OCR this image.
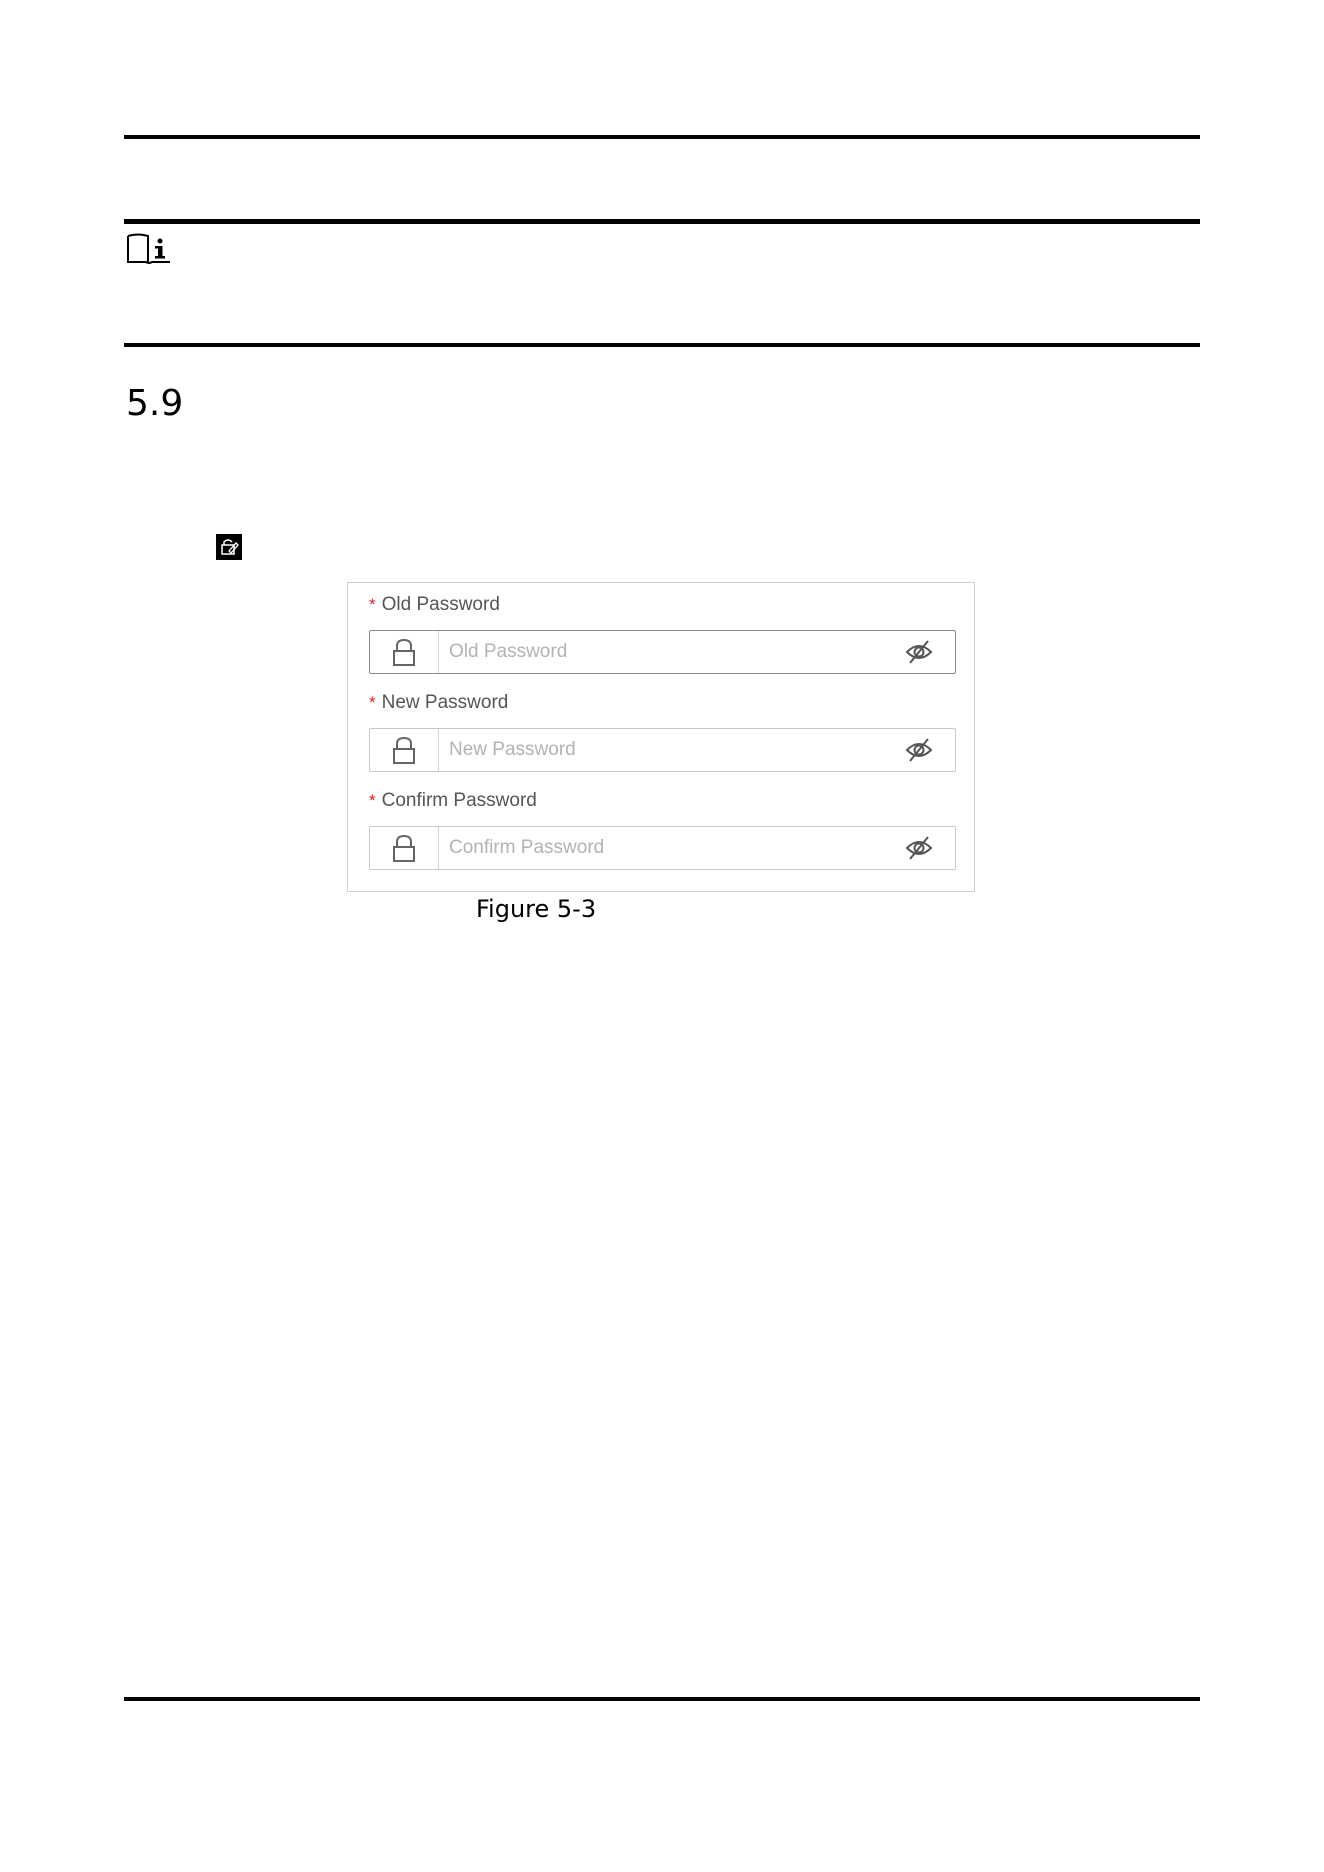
5.9
* Old Password
* New Password
* Confirm Password
Figure 5-3
